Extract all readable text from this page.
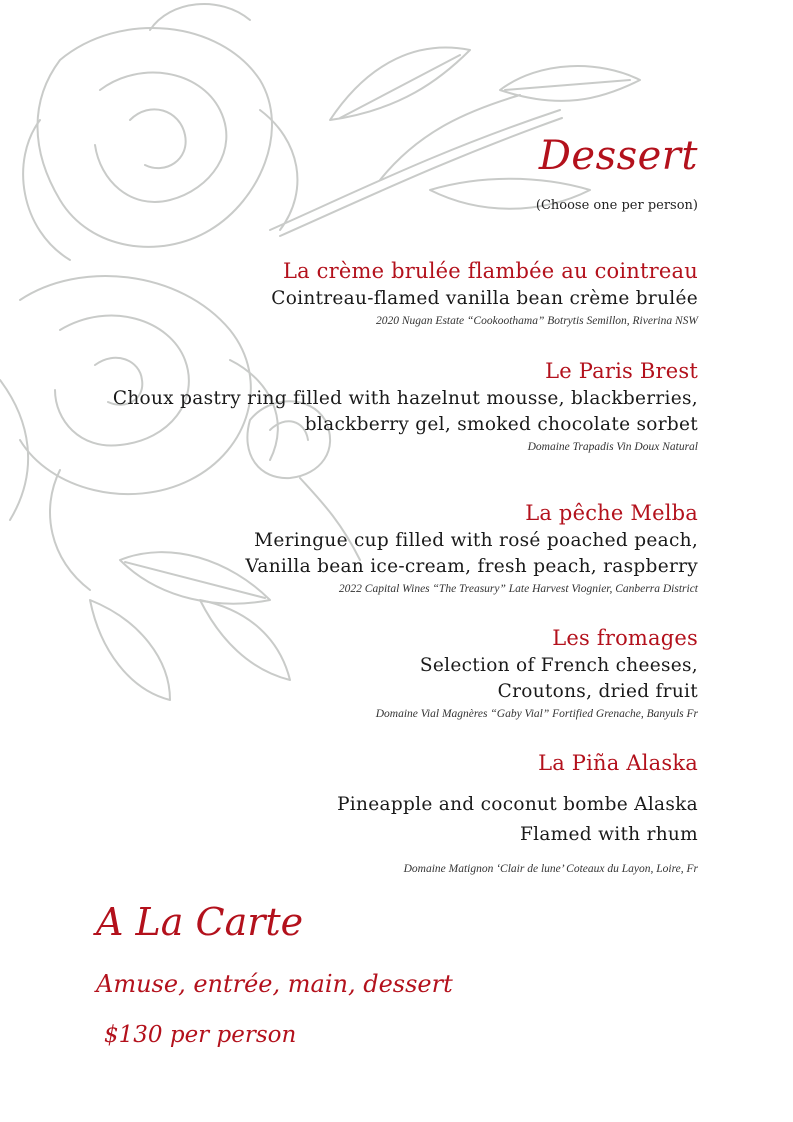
Dessert
(Choose one per person)
La crème brulée flambée au cointreau
Cointreau-flamed vanilla bean crème brulée
2020 Nugan Estate “Cookoothama” Botrytis Semillon, Riverina NSW
Le Paris Brest
Choux pastry ring filled with hazelnut mousse, blackberries,
blackberry gel, smoked chocolate sorbet
Domaine Trapadis Vin Doux Natural
La pêche Melba
Meringue cup filled with rosé poached peach,
Vanilla bean ice-cream, fresh peach, raspberry
2022 Capital Wines “The Treasury” Late Harvest Viognier, Canberra District
Les fromages
Selection of French cheeses,
Croutons, dried fruit
Domaine Vial Magnères “Gaby Vial” Fortified Grenache, Banyuls Fr
La Piña Alaska
Pineapple and coconut bombe Alaska
Flamed with rhum
Domaine Matignon ‘Clair de lune’ Coteaux du Layon, Loire, Fr
A La Carte
Amuse, entrée, main, dessert
$130 per person
